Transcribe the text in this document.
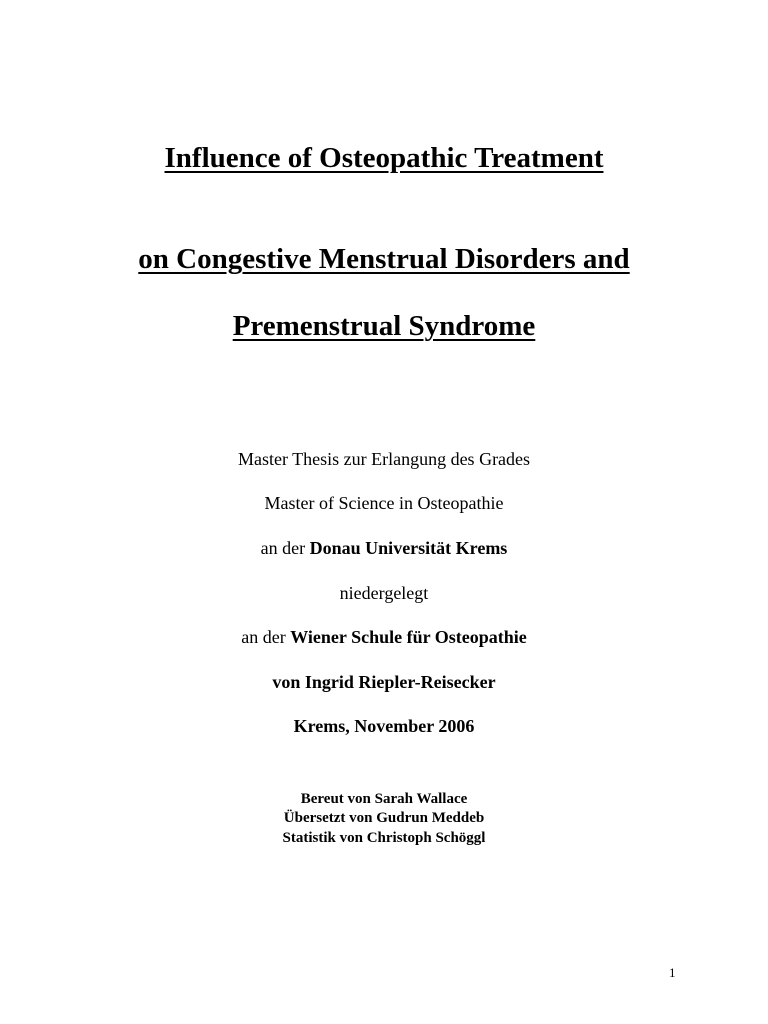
Influence of Osteopathic Treatment
on Congestive Menstrual Disorders and
Premenstrual Syndrome
Master Thesis zur Erlangung des Grades
Master of Science in Osteopathie
an der Donau Universität Krems
niedergelegt
an der Wiener Schule für Osteopathie
von Ingrid Riepler-Reisecker
Krems, November 2006
Bereut von Sarah Wallace
Übersetzt von Gudrun Meddeb
Statistik von Christoph Schöggl
1
